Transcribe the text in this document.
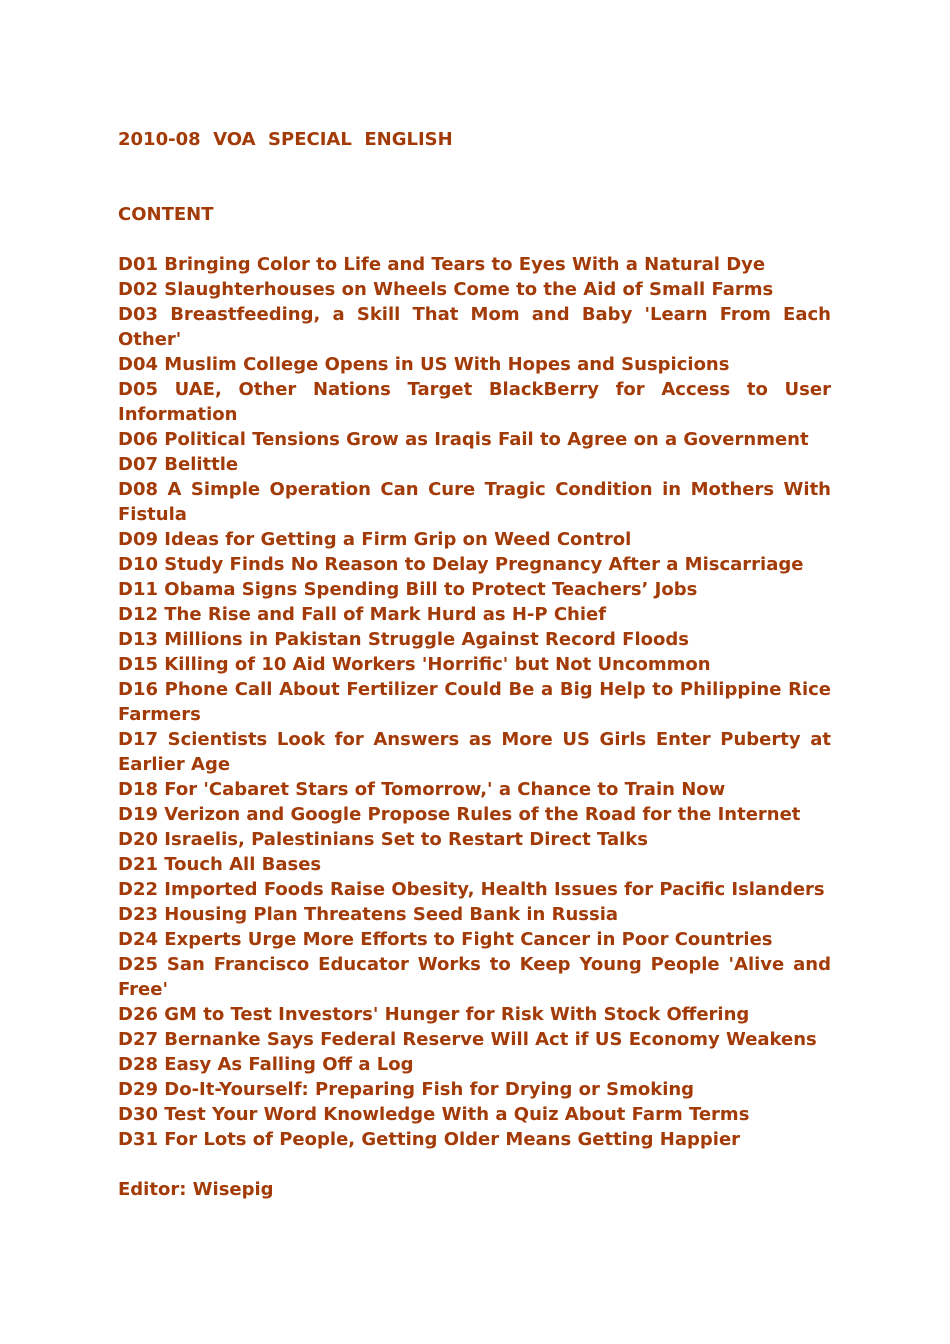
2010-08  VOA  SPECIAL  ENGLISH

CONTENT

D01 Bringing Color to Life and Tears to Eyes With a Natural Dye
D02 Slaughterhouses on Wheels Come to the Aid of Small Farms
D03 Breastfeeding, a Skill That Mom and Baby 'Learn From Each Other'
D04 Muslim College Opens in US With Hopes and Suspicions
D05 UAE, Other Nations Target BlackBerry for Access to User Information
D06 Political Tensions Grow as Iraqis Fail to Agree on a Government
D07 Belittle
D08 A Simple Operation Can Cure Tragic Condition in Mothers With Fistula
D09 Ideas for Getting a Firm Grip on Weed Control
D10 Study Finds No Reason to Delay Pregnancy After a Miscarriage
D11 Obama Signs Spending Bill to Protect Teachers’ Jobs
D12 The Rise and Fall of Mark Hurd as H-P Chief
D13 Millions in Pakistan Struggle Against Record Floods
D15 Killing of 10 Aid Workers 'Horrific' but Not Uncommon
D16 Phone Call About Fertilizer Could Be a Big Help to Philippine Rice Farmers
D17 Scientists Look for Answers as More US Girls Enter Puberty at Earlier Age
D18 For 'Cabaret Stars of Tomorrow,' a Chance to Train Now
D19 Verizon and Google Propose Rules of the Road for the Internet
D20 Israelis, Palestinians Set to Restart Direct Talks
D21 Touch All Bases
D22 Imported Foods Raise Obesity, Health Issues for Pacific Islanders
D23 Housing Plan Threatens Seed Bank in Russia
D24 Experts Urge More Efforts to Fight Cancer in Poor Countries
D25 San Francisco Educator Works to Keep Young People 'Alive and Free'
D26 GM to Test Investors' Hunger for Risk With Stock Offering
D27 Bernanke Says Federal Reserve Will Act if US Economy Weakens
D28 Easy As Falling Off a Log
D29 Do-It-Yourself: Preparing Fish for Drying or Smoking
D30 Test Your Word Knowledge With a Quiz About Farm Terms
D31 For Lots of People, Getting Older Means Getting Happier

Editor: Wisepig
